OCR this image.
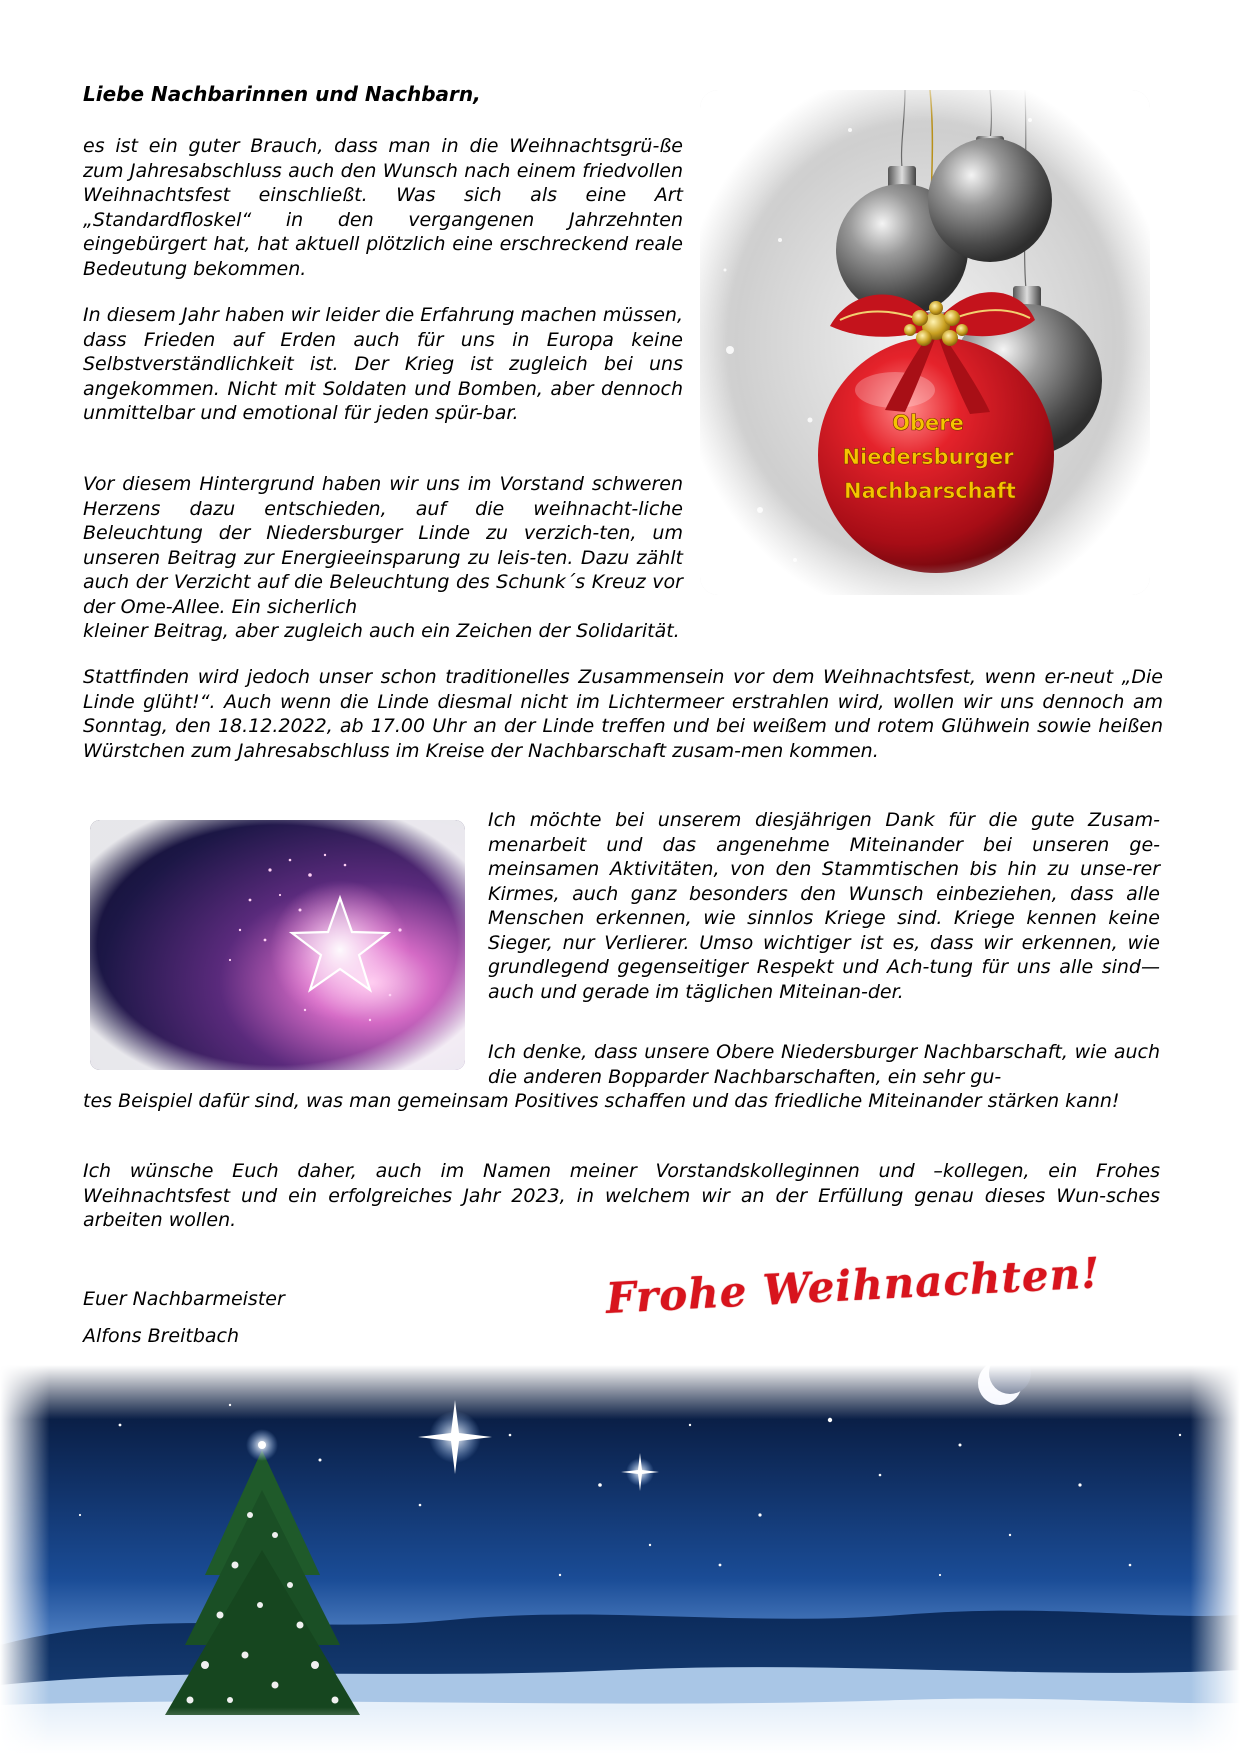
Liebe Nachbarinnen und Nachbarn,

es ist ein guter Brauch, dass man in die Weihnachtsgrü-ße zum Jahresabschluss auch den Wunsch nach einem friedvollen Weihnachtsfest einschließt. Was sich als eine Art „Standardfloskel“ in den vergangenen Jahrzehnten eingebürgert hat, hat aktuell plötzlich eine erschreckend reale Bedeutung bekommen.

In diesem Jahr haben wir leider die Erfahrung machen müssen, dass Frieden auf Erden auch für uns in Europa keine Selbstverständlichkeit ist. Der Krieg ist zugleich bei uns angekommen. Nicht mit Soldaten und Bomben, aber dennoch unmittelbar und emotional für jeden spür-bar.

Vor diesem Hintergrund haben wir uns im Vorstand schweren Herzens dazu entschieden, auf die weihnacht-liche Beleuchtung der Niedersburger Linde zu verzich-ten, um unseren Beitrag zur Energieeinsparung zu leis-ten. Dazu zählt auch der Verzicht auf die Beleuchtung des Schunk´s Kreuz vor der Ome-Allee. Ein sicherlich

kleiner Beitrag, aber zugleich auch ein Zeichen der Solidarität.

Stattfinden wird jedoch unser schon traditionelles Zusammensein vor dem Weihnachtsfest, wenn er-neut „Die Linde glüht!“. Auch wenn die Linde diesmal nicht im Lichtermeer erstrahlen wird, wollen wir uns dennoch am Sonntag, den 18.12.2022, ab 17.00 Uhr an der Linde treffen und bei weißem und rotem Glühwein sowie heißen Würstchen zum Jahresabschluss im Kreise der Nachbarschaft zusam-men kommen.

Ich möchte bei unserem diesjährigen Dank für die gute Zusam-menarbeit und das angenehme Miteinander bei unseren ge-meinsamen Aktivitäten, von den Stammtischen bis hin zu unse-rer Kirmes, auch ganz besonders den Wunsch einbeziehen, dass alle Menschen erkennen, wie sinnlos Kriege sind. Kriege kennen keine Sieger, nur Verlierer. Umso wichtiger ist es, dass wir erkennen, wie grundlegend gegenseitiger Respekt und Ach-tung für uns alle sind—auch und gerade im täglichen Miteinan-der.

Ich denke, dass unsere Obere Niedersburger Nachbarschaft, wie auch die anderen Bopparder Nachbarschaften, ein sehr gu-

tes Beispiel dafür sind, was man gemeinsam Positives schaffen und das friedliche Miteinander stärken kann!

Ich wünsche Euch daher, auch im Namen meiner Vorstandskolleginnen und –kollegen, ein Frohes Weihnachtsfest und ein erfolgreiches Jahr 2023, in welchem wir an der Erfüllung genau dieses Wun-sches arbeiten wollen.

Euer Nachbarmeister
Alfons Breitbach
Frohe Weihnachten!
